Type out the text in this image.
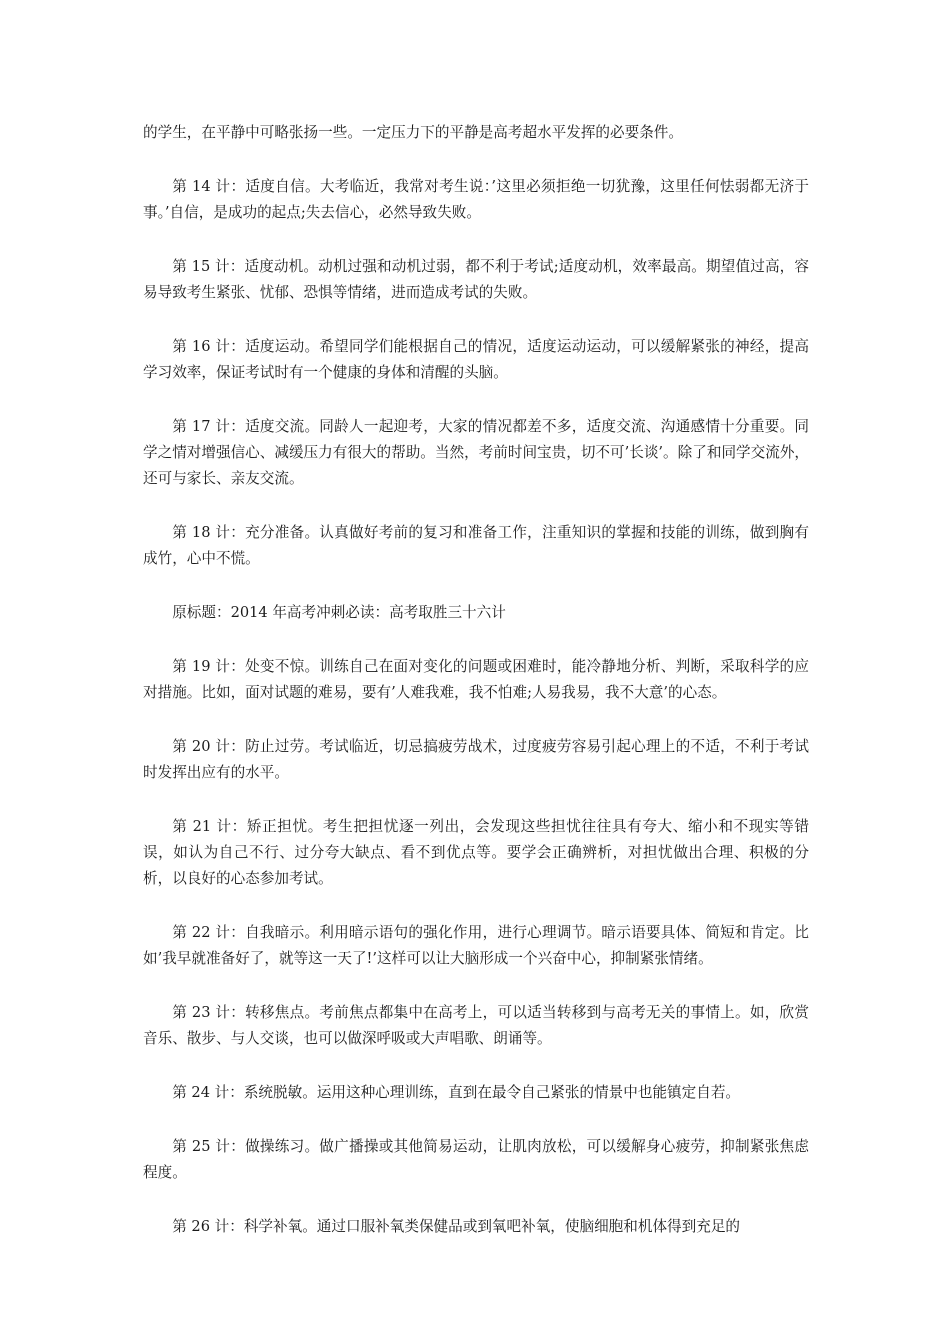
的学生，在平静中可略张扬一些。一定压力下的平静是高考超水平发挥的必要条件。

第 14 计：适度自信。大考临近，我常对考生说：’这里必须拒绝一切犹豫，这里任何怯弱都无济于事。’自信，是成功的起点;失去信心，必然导致失败。

第 15 计：适度动机。动机过强和动机过弱，都不利于考试;适度动机，效率最高。期望值过高，容易导致考生紧张、忧郁、恐惧等情绪，进而造成考试的失败。

第 16 计：适度运动。希望同学们能根据自己的情况，适度运动运动，可以缓解紧张的神经，提高学习效率，保证考试时有一个健康的身体和清醒的头脑。

第 17 计：适度交流。同龄人一起迎考，大家的情况都差不多，适度交流、沟通感情十分重要。同学之情对增强信心、减缓压力有很大的帮助。当然，考前时间宝贵，切不可’长谈’。除了和同学交流外，还可与家长、亲友交流。

第 18 计：充分准备。认真做好考前的复习和准备工作，注重知识的掌握和技能的训练，做到胸有成竹，心中不慌。

原标题：2014 年高考冲刺必读：高考取胜三十六计

第 19 计：处变不惊。训练自己在面对变化的问题或困难时，能冷静地分析、判断，采取科学的应对措施。比如，面对试题的难易，要有’人难我难，我不怕难;人易我易，我不大意’的心态。

第 20 计：防止过劳。考试临近，切忌搞疲劳战术，过度疲劳容易引起心理上的不适，不利于考试时发挥出应有的水平。

第 21 计：矫正担忧。考生把担忧逐一列出，会发现这些担忧往往具有夸大、缩小和不现实等错误，如认为自己不行、过分夸大缺点、看不到优点等。要学会正确辨析，对担忧做出合理、积极的分析，以良好的心态参加考试。

第 22 计：自我暗示。利用暗示语句的强化作用，进行心理调节。暗示语要具体、简短和肯定。比如’我早就准备好了，就等这一天了!’这样可以让大脑形成一个兴奋中心，抑制紧张情绪。

第 23 计：转移焦点。考前焦点都集中在高考上，可以适当转移到与高考无关的事情上。如，欣赏音乐、散步、与人交谈，也可以做深呼吸或大声唱歌、朗诵等。

第 24 计：系统脱敏。运用这种心理训练，直到在最令自己紧张的情景中也能镇定自若。

第 25 计：做操练习。做广播操或其他简易运动，让肌肉放松，可以缓解身心疲劳，抑制紧张焦虑程度。

第 26 计：科学补氧。通过口服补氧类保健品或到氧吧补氧，使脑细胞和机体得到充足的
